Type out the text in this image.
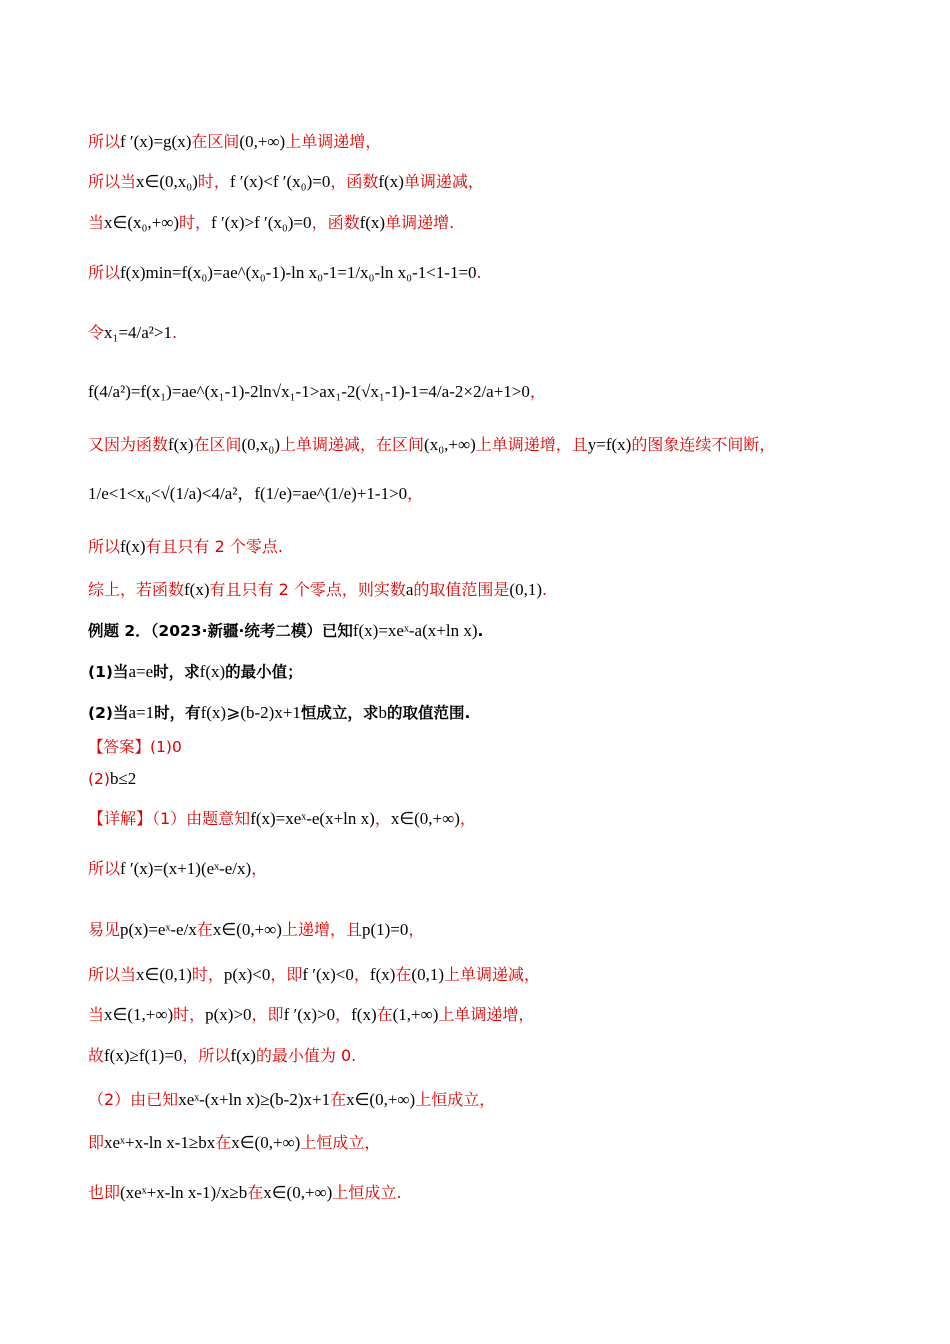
所以 f ′(x)=g(x) 在区间 (0,+∞) 上单调递增，
所以当 x∈(0,x₀) 时， f ′(x)<f ′(x₀)=0 ，函数 f(x) 单调递减，
当 x∈(x₀,+∞) 时， f ′(x)>f ′(x₀)=0 ，函数 f(x) 单调递增.
所以 f(x)min=f(x₀)=ae^(x₀-1)-ln x₀-1=1/x₀-ln x₀-1<1-1=0 .
令 x₁=4/a²>1 .
f(4/a²)=f(x₁)=ae^(x₁-1)-2ln√x₁-1>ax₁-2(√x₁-1)-1=4/a-2×2/a+1>0 ，
又因为函数 f(x) 在区间 (0,x₀) 上单调递减，在区间 (x₀,+∞) 上单调递增，且 y=f(x) 的图象连续不间断，
1/e<1<x₀<√(1/a)<4/a²，f(1/e)=ae^(1/e)+1-1>0 ，
所以 f(x) 有且只有 2 个零点.
综上，若函数 f(x) 有且只有 2 个零点，则实数 a 的取值范围是 (0,1) .
例题 2．（2023·新疆·统考二模）已知 f(x)=xeˣ-a(x+ln x) .
(1)当 a=e 时，求 f(x) 的最小值；
(2)当 a=1 时，有 f(x)⩾(b-2)x+1 恒成立，求 b 的取值范围.
【答案】(1)0
(2) b≤2
【详解】（1）由题意知 f(x)=xeˣ-e(x+ln x) ， x∈(0,+∞) ，
所以 f ′(x)=(x+1)(eˣ-e/x) ，
易见 p(x)=eˣ-e/x 在 x∈(0,+∞) 上递增，且 p(1)=0 ，
所以当 x∈(0,1) 时， p(x)<0 ，即 f ′(x)<0 ， f(x) 在 (0,1) 上单调递减，
当 x∈(1,+∞) 时， p(x)>0 ，即 f ′(x)>0 ， f(x) 在 (1,+∞) 上单调递增，
故 f(x)≥f(1)=0 ，所以 f(x) 的最小值为 0.
（2）由已知 xeˣ-(x+ln x)≥(b-2)x+1 在 x∈(0,+∞) 上恒成立，
即 xeˣ+x-ln x-1≥bx 在 x∈(0,+∞) 上恒成立，
也即 (xeˣ+x-ln x-1)/x≥b 在 x∈(0,+∞) 上恒成立.
